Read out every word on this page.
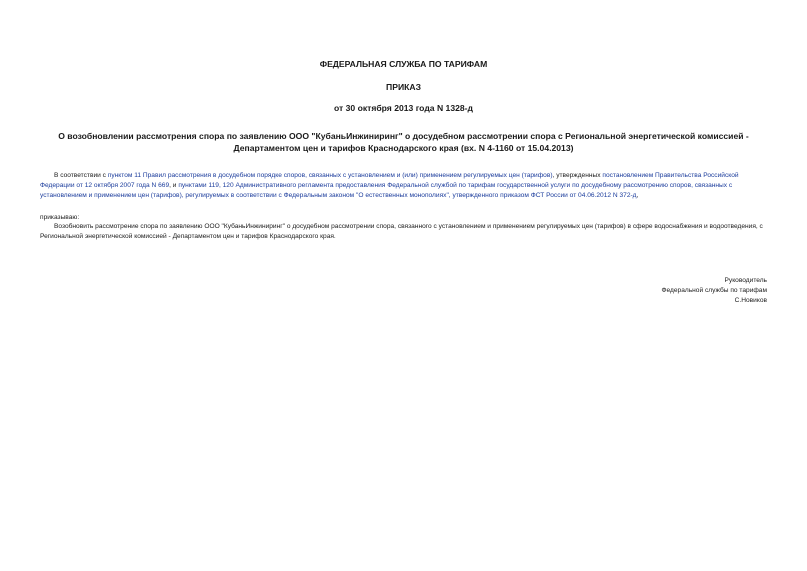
ФЕДЕРАЛЬНАЯ СЛУЖБА ПО ТАРИФАМ
ПРИКАЗ
от 30 октября 2013 года N 1328-д
О возобновлении рассмотрения спора по заявлению ООО "КубаньИнжиниринг" о досудебном рассмотрении спора с Региональной энергетической комиссией - Департаментом цен и тарифов Краснодарского края (вх. N 4-1160 от 15.04.2013)
В соответствии с пунктом 11 Правил рассмотрения в досудебном порядке споров, связанных с установлением и (или) применением регулируемых цен (тарифов), утвержденных постановлением Правительства Российской Федерации от 12 октября 2007 года N 669, и пунктами 119, 120 Административного регламента предоставления Федеральной службой по тарифам государственной услуги по досудебному рассмотрению споров, связанных с установлением и применением цен (тарифов), регулируемых в соответствии с Федеральным законом "О естественных монополиях", утвержденного приказом ФСТ России от 04.06.2012 N 372-д,
приказываю:
Возобновить рассмотрение спора по заявлению ООО "КубаньИнжиниринг" о досудебном рассмотрении спора, связанного с установлением и применением регулируемых цен (тарифов) в сфере водоснабжения и водоотведения, с Региональной энергетической комиссией - Департаментом цен и тарифов Краснодарского края.
Руководитель
Федеральной службы по тарифам
С.Новиков
